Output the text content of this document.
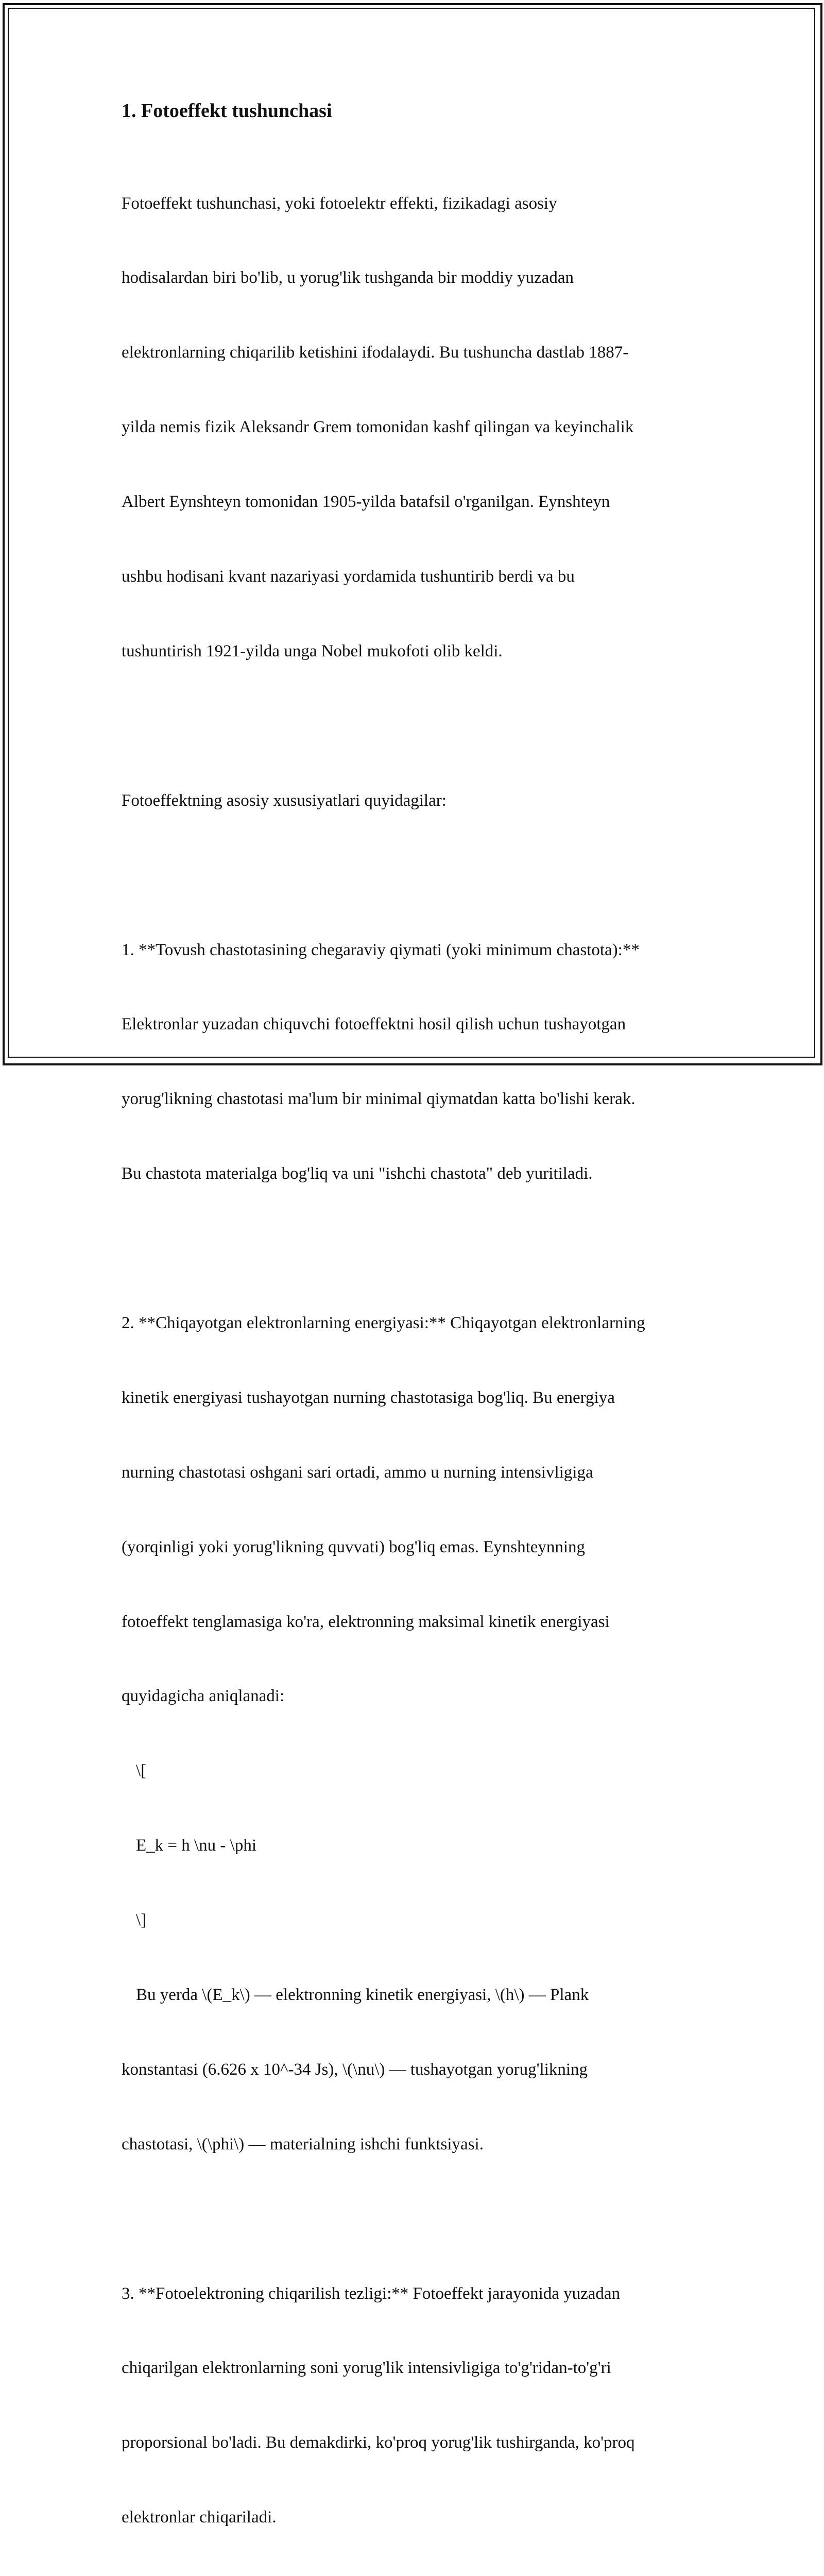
1. Fotoeffekt tushunchasi

Fotoeffekt tushunchasi, yoki fotoelektr effekti, fizikadagi asosiy

hodisalardan biri bo'lib, u yorug'lik tushganda bir moddiy yuzadan

elektronlarning chiqarilib ketishini ifodalaydi. Bu tushuncha dastlab 1887-

yilda nemis fizik Aleksandr Grem tomonidan kashf qilingan va keyinchalik

Albert Eynshteyn tomonidan 1905-yilda batafsil o'rganilgan. Eynshteyn

ushbu hodisani kvant nazariyasi yordamida tushuntirib berdi va bu

tushuntirish 1921-yilda unga Nobel mukofoti olib keldi.

Fotoeffektning asosiy xususiyatlari quyidagilar:

1. **Tovush chastotasining chegaraviy qiymati (yoki minimum chastota):**

Elektronlar yuzadan chiquvchi fotoeffektni hosil qilish uchun tushayotgan

yorug'likning chastotasi ma'lum bir minimal qiymatdan katta bo'lishi kerak.

Bu chastota materialga bog'liq va uni "ishchi chastota" deb yuritiladi.

2. **Chiqayotgan elektronlarning energiyasi:** Chiqayotgan elektronlarning

kinetik energiyasi tushayotgan nurning chastotasiga bog'liq. Bu energiya

nurning chastotasi oshgani sari ortadi, ammo u nurning intensivligiga

(yorqinligi yoki yorug'likning quvvati) bog'liq emas. Eynshteynning

fotoeffekt tenglamasiga ko'ra, elektronning maksimal kinetik energiyasi

quyidagicha aniqlanadi:

\[

E_k = h \nu - \phi

\]

Bu yerda \(E_k\) — elektronning kinetik energiyasi, \(h\) — Plank

konstantasi (6.626 x 10^-34 Js), \(\nu\) — tushayotgan yorug'likning

chastotasi, \(\phi\) — materialning ishchi funktsiyasi.

3. **Fotoelektroning chiqarilish tezligi:** Fotoeffekt jarayonida yuzadan

chiqarilgan elektronlarning soni yorug'lik intensivligiga to'g'ridan-to'g'ri

proporsional bo'ladi. Bu demakdirki, ko'proq yorug'lik tushirganda, ko'proq

elektronlar chiqariladi.
